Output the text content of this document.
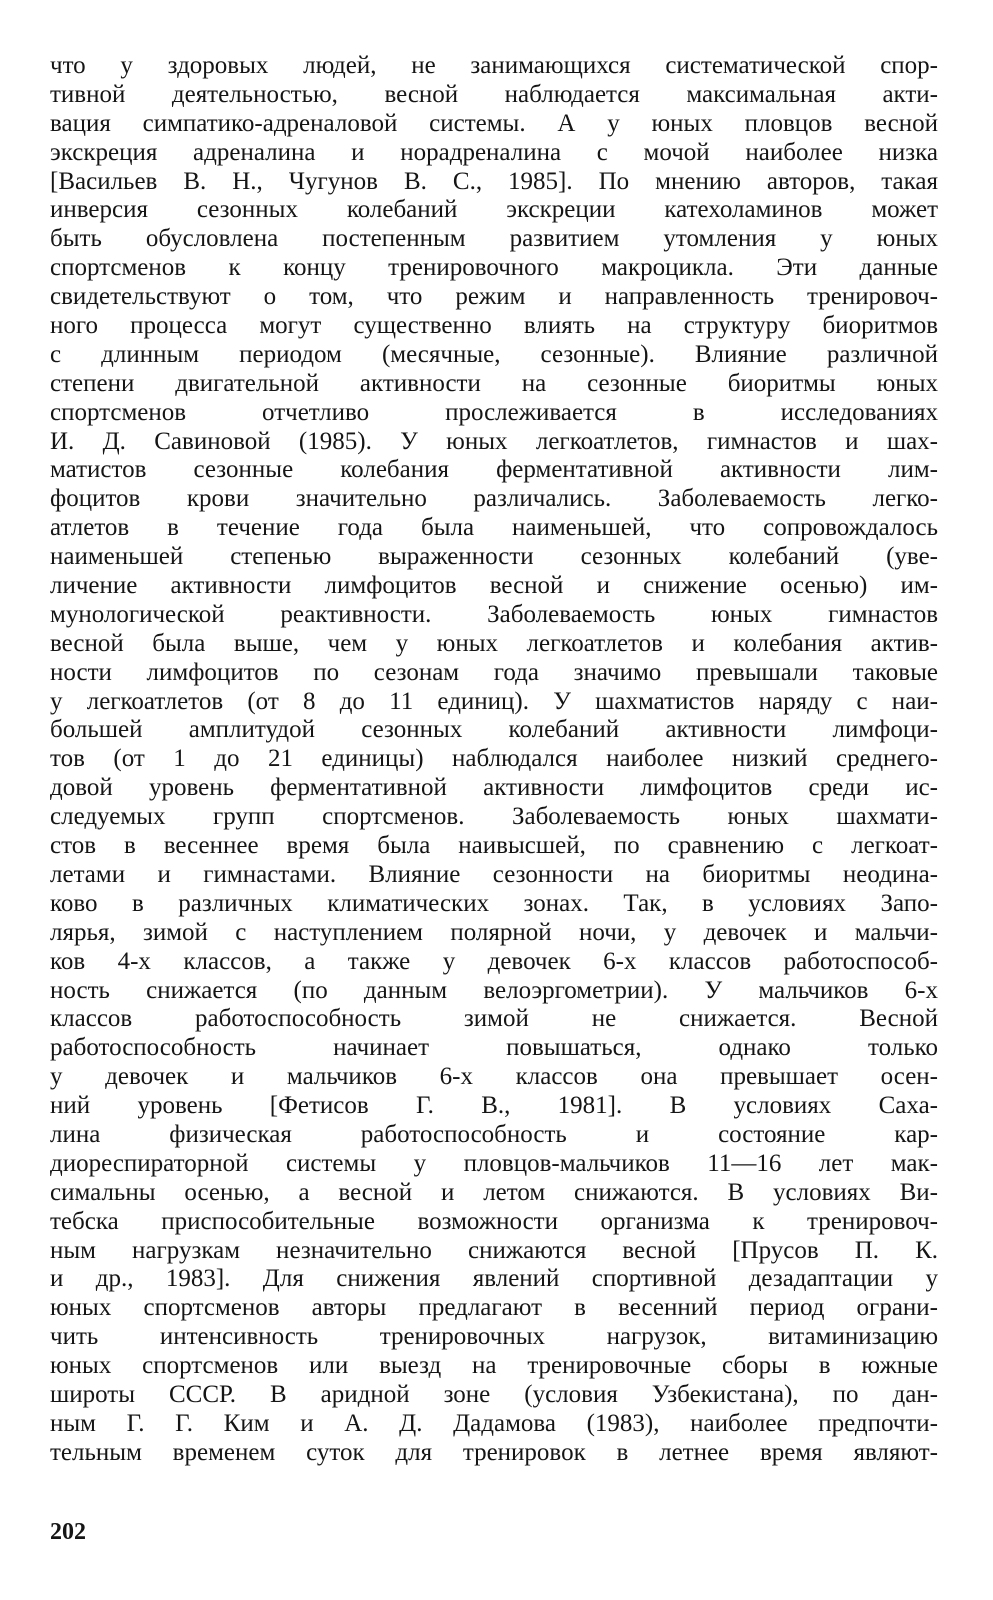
что у здоровых людей, не занимающихся систематической спор-
тивной деятельностью, весной наблюдается максимальная акти-
вация симпатико-адреналовой системы. А у юных пловцов весной
экскреция адреналина и норадреналина с мочой наиболее низка
[Васильев В. Н., Чугунов В. С., 1985]. По мнению авторов, такая
инверсия сезонных колебаний экскреции катехоламинов может
быть обусловлена постепенным развитием утомления у юных
спортсменов к концу тренировочного макроцикла. Эти данные
свидетельствуют о том, что режим и направленность тренировоч-
ного процесса могут существенно влиять на структуру биоритмов
с длинным периодом (месячные, сезонные). Влияние различной
степени двигательной активности на сезонные биоритмы юных
спортсменов отчетливо прослеживается в исследованиях
И. Д. Савиновой (1985). У юных легкоатлетов, гимнастов и шах-
матистов сезонные колебания ферментативной активности лим-
фоцитов крови значительно различались. Заболеваемость легко-
атлетов в течение года была наименьшей, что сопровождалось
наименьшей степенью выраженности сезонных колебаний (уве-
личение активности лимфоцитов весной и снижение осенью) им-
мунологической реактивности. Заболеваемость юных гимнастов
весной была выше, чем у юных легкоатлетов и колебания актив-
ности лимфоцитов по сезонам года значимо превышали таковые
у легкоатлетов (от 8 до 11 единиц). У шахматистов наряду с наи-
большей амплитудой сезонных колебаний активности лимфоци-
тов (от 1 до 21 единицы) наблюдался наиболее низкий среднего-
довой уровень ферментативной активности лимфоцитов среди ис-
следуемых групп спортсменов. Заболеваемость юных шахмати-
стов в весеннее время была наивысшей, по сравнению с легкоат-
летами и гимнастами. Влияние сезонности на биоритмы неодина-
ково в различных климатических зонах. Так, в условиях Запо-
лярья, зимой с наступлением полярной ночи, у девочек и мальчи-
ков 4-х классов, а также у девочек 6-х классов работоспособ-
ность снижается (по данным велоэргометрии). У мальчиков 6-х
классов работоспособность зимой не снижается. Весной
работоспособность начинает повышаться, однако только
у девочек и мальчиков 6-х классов она превышает осен-
ний уровень [Фетисов Г. В., 1981]. В условиях Саха-
лина физическая работоспособность и состояние кар-
диореспираторной системы у пловцов-мальчиков 11—16 лет мак-
симальны осенью, а весной и летом снижаются. В условиях Ви-
тебска приспособительные возможности организма к тренировоч-
ным нагрузкам незначительно снижаются весной [Прусов П. К.
и др., 1983]. Для снижения явлений спортивной дезадаптации у
юных спортсменов авторы предлагают в весенний период ограни-
чить интенсивность тренировочных нагрузок, витаминизацию
юных спортсменов или выезд на тренировочные сборы в южные
широты СССР. В аридной зоне (условия Узбекистана), по дан-
ным Г. Г. Ким и А. Д. Дадамова (1983), наиболее предпочти-
тельным временем суток для тренировок в летнее время являют-
202
